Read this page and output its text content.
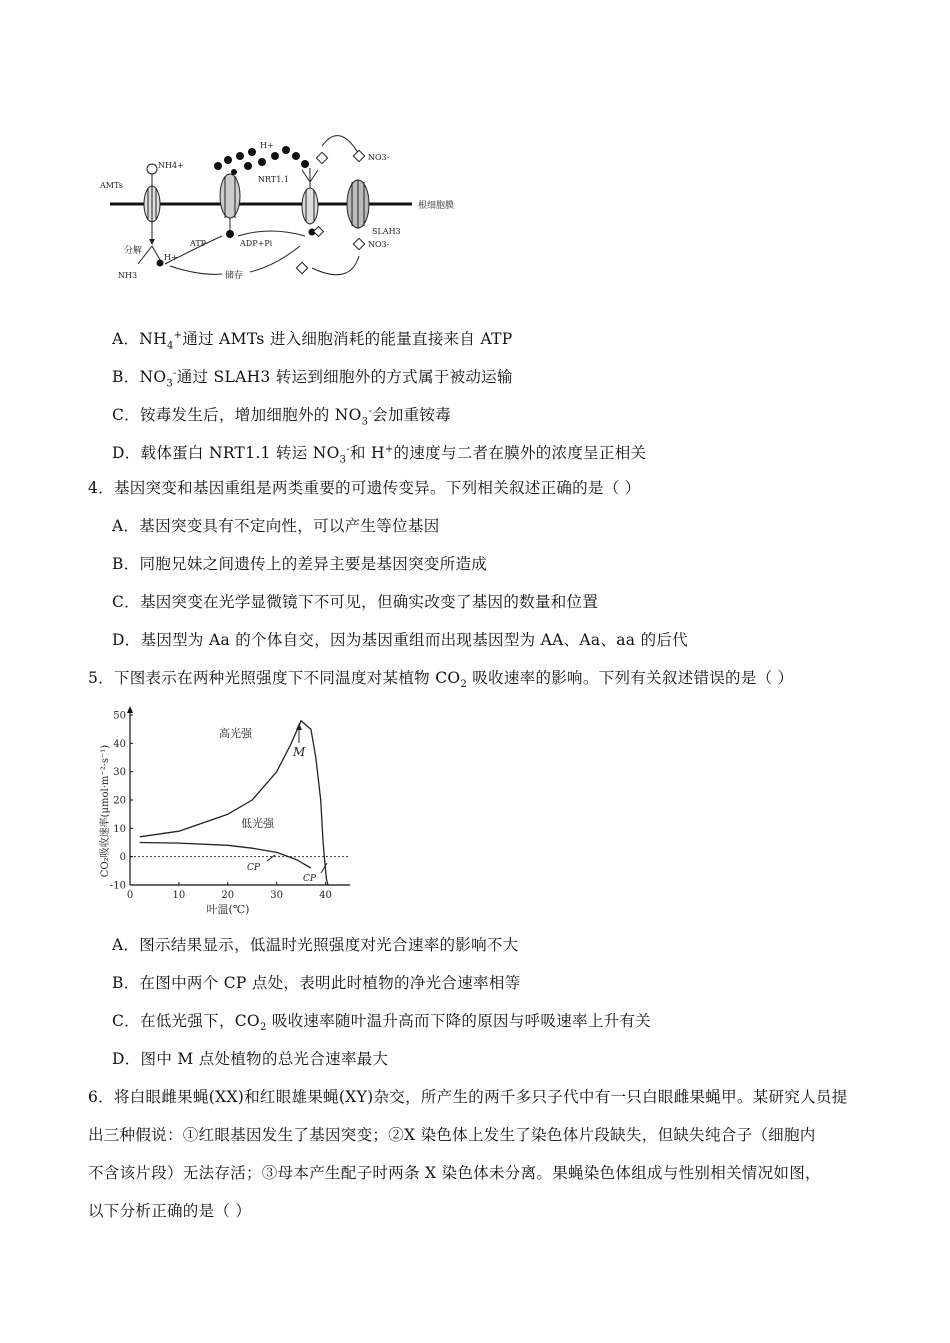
根细胞膜
AMTs
NH4+
分解
H+
NH3
ATP	ADP+Pi
储存
H+
NRT1.1
NO3-
SLAH3
NO3-
A．$NH_4^+$通过 AMTs 进入细胞消耗的能量直接来自 ATP
B．$NO_3^-$通过 SLAH3 转运到细胞外的方式属于被动运输
C．铵毒发生后，增加细胞外的 $NO_3^-$会加重铵毒
D．载体蛋白 NRT1.1 转运 $NO_3^-$和 H+的速度与二者在膜外的浓度呈正相关
4．基因突变和基因重组是两类重要的可遗传变异。下列相关叙述正确的是（ ）
A．基因突变具有不定向性，可以产生等位基因
B．同胞兄妹之间遗传上的差异主要是基因突变所造成
C．基因突变在光学显微镜下不可见，但确实改变了基因的数量和位置
D．基因型为 Aa 的个体自交，因为基因重组而出现基因型为 AA、Aa、aa 的后代
5．下图表示在两种光照强度下不同温度对某植物 $CO_2$ 吸收速率的影响。下列有关叙述错误的是（ ）
-10
0
10
20
30
40
50
0	10	20	30	40
CO₂吸收速率(μmol·m⁻²·s⁻¹)
叶温(℃)
高光强
低光强
M
CP
CP
A．图示结果显示，低温时光照强度对光合速率的影响不大
B．在图中两个 CP 点处，表明此时植物的净光合速率相等
C．在低光强下，$CO_2$ 吸收速率随叶温升高而下降的原因与呼吸速率上升有关
D．图中 M 点处植物的总光合速率最大
6．将白眼雌果蝇(XX)和红眼雄果蝇(XY)杂交，所产生的两千多只子代中有一只白眼雌果蝇甲。某研究人员提
出三种假说：①红眼基因发生了基因突变；②X 染色体上发生了染色体片段缺失，但缺失纯合子（细胞内
不含该片段）无法存活；③母本产生配子时两条 X 染色体未分离。果蝇染色体组成与性别相关情况如图，
以下分析正确的是（ ）
